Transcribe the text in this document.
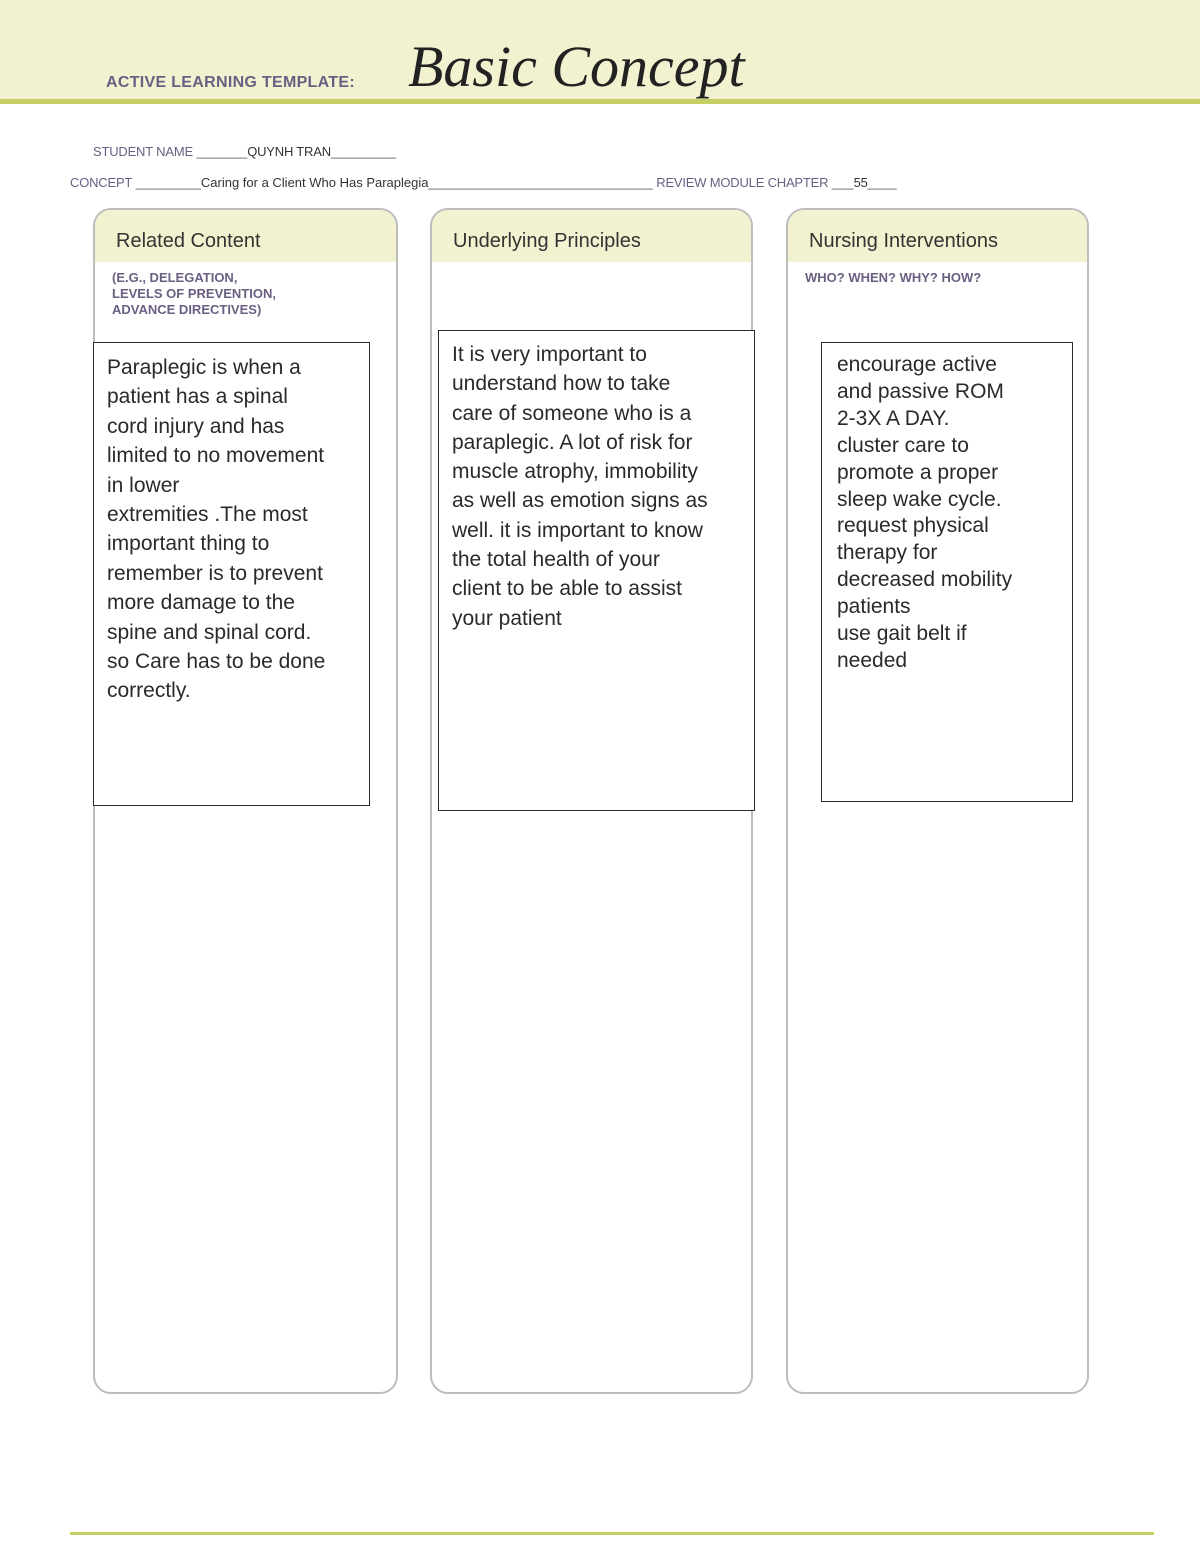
ACTIVE LEARNING TEMPLATE: Basic Concept
STUDENT NAME _______QUYNH TRAN_________
CONCEPT _________Caring for a Client Who Has Paraplegia_______________________________ REVIEW MODULE CHAPTER ___55____
Related Content
(E.G., DELEGATION,
LEVELS OF PREVENTION,
ADVANCE DIRECTIVES)
Paraplegic is when a
patient has a spinal
cord injury and has
limited to no movement
in lower
extremities .The most
important thing to
remember is to prevent
more damage to the
spine and spinal cord.
so Care has to be done
correctly.
Underlying Principles
It is very important to
understand how to take
care of someone who is a
paraplegic. A lot of risk for
muscle atrophy, immobility
as well as emotion signs as
well. it is important to know
the total health of your
client to be able to assist
your patient
Nursing Interventions
WHO? WHEN? WHY? HOW?
encourage active
and passive ROM
2-3X A DAY.
cluster care to
promote a proper
sleep wake cycle.
request physical
therapy for
decreased mobility
patients
use gait belt if
needed
